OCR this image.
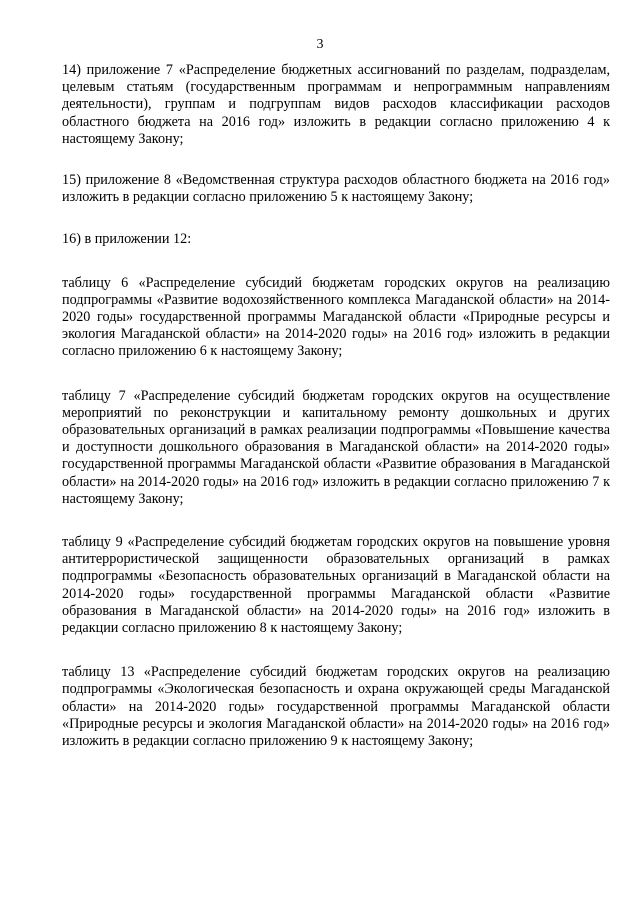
3

14) приложение 7 «Распределение бюджетных ассигнований по разделам, подразделам, целевым статьям (государственным программам и непрограммным направлениям деятельности), группам и подгруппам видов расходов классификации расходов областного бюджета на 2016 год» изложить в редакции согласно приложению 4 к настоящему Закону;

15) приложение 8 «Ведомственная структура расходов областного бюджета на 2016 год» изложить в редакции согласно приложению 5 к настоящему Закону;

16) в приложении 12:

таблицу 6 «Распределение субсидий бюджетам городских округов на реализацию подпрограммы «Развитие водохозяйственного комплекса Магаданской области» на 2014-2020 годы» государственной программы Магаданской области «Природные ресурсы и экология Магаданской области» на 2014-2020 годы» на 2016 год» изложить в редакции согласно приложению 6 к настоящему Закону;

таблицу 7 «Распределение субсидий бюджетам городских округов на осуществление мероприятий по реконструкции и капитальному ремонту дошкольных и других образовательных организаций в рамках реализации подпрограммы «Повышение качества и доступности дошкольного образования в Магаданской области» на 2014-2020 годы» государственной программы Магаданской области «Развитие образования в Магаданской области» на 2014-2020 годы» на 2016 год» изложить в редакции согласно приложению 7 к настоящему Закону;

таблицу 9 «Распределение субсидий бюджетам городских округов на повышение уровня антитеррористической защищенности образовательных организаций в рамках подпрограммы «Безопасность образовательных организаций в Магаданской области на 2014-2020 годы» государственной программы Магаданской области «Развитие образования в Магаданской области» на 2014-2020 годы» на 2016 год» изложить в редакции согласно приложению 8 к настоящему Закону;

таблицу 13 «Распределение субсидий бюджетам городских округов на реализацию подпрограммы «Экологическая безопасность и охрана окружающей среды Магаданской области» на 2014-2020 годы» государственной программы Магаданской области «Природные ресурсы и экология Магаданской области» на 2014-2020 годы» на 2016 год» изложить в редакции согласно приложению 9 к настоящему Закону;
